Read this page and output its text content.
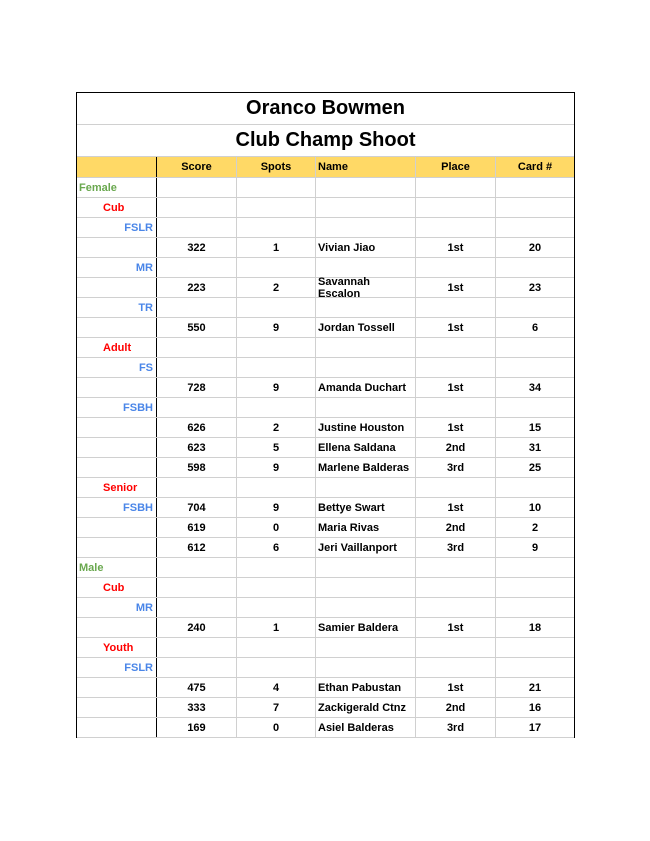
Oranco Bowmen
Club Champ Shoot
Score	Spots	Name	Place	Card #
Female
Cub
FSLR
322	1	Vivian Jiao	1st	20
MR
223	2	Savannah Escalon	1st	23
TR
550	9	Jordan Tossell	1st	6
Adult
FS
728	9	Amanda Duchart	1st	34
FSBH
626	2	Justine Houston	1st	15
623	5	Ellena Saldana	2nd	31
598	9	Marlene Balderas	3rd	25
Senior
FSBH	704	9	Bettye Swart	1st	10
619	0	Maria Rivas	2nd	2
612	6	Jeri Vaillanport	3rd	9
Male
Cub
MR
240	1	Samier Baldera	1st	18
Youth
FSLR
475	4	Ethan Pabustan	1st	21
333	7	Zackigerald Ctnz	2nd	16
169	0	Asiel Balderas	3rd	17
